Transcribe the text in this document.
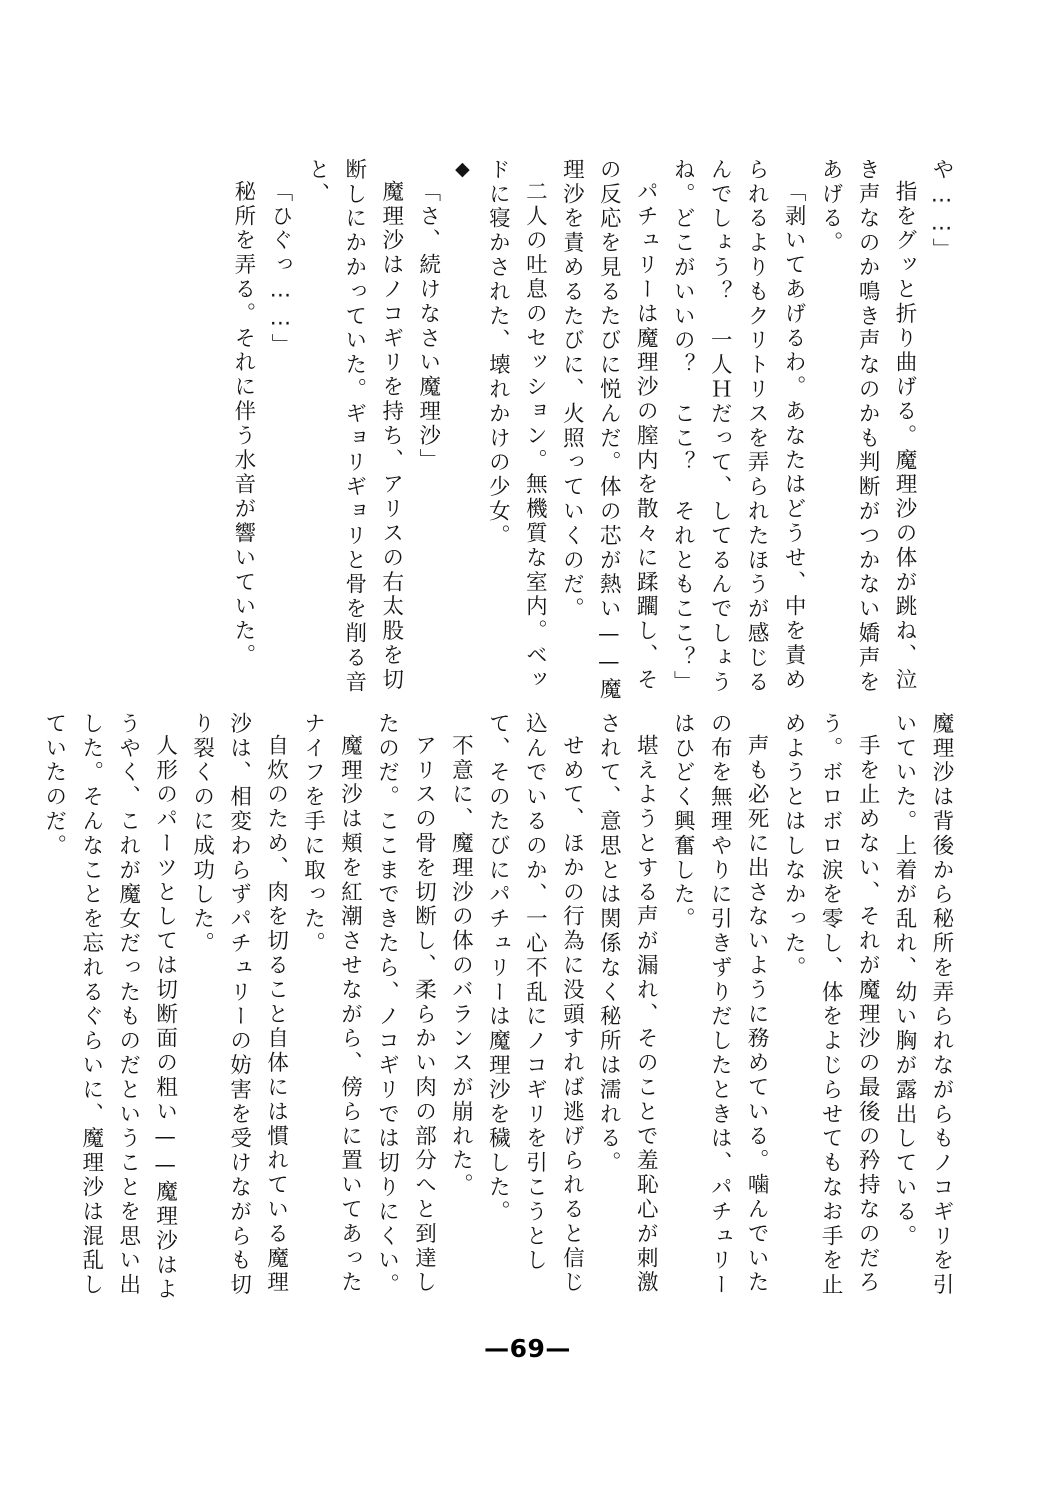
や……」

指をグッと折り曲げる。魔理沙の体が跳ね、泣き声なのか鳴き声なのかも判断がつかない嬌声をあげる。

「剥いてあげるわ。あなたはどうせ、中を責められるよりもクリトリスを弄られたほうが感じるんでしょう？　一人Ｈだって、してるんでしょうね。どこがいいの？　ここ？　それともここ？」

パチュリーは魔理沙の膣内を散々に蹂躙し、その反応を見るたびに悦んだ。体の芯が熱い——魔理沙を責めるたびに、火照っていくのだ。

二人の吐息のセッション。無機質な室内。ベッドに寝かされた、壊れかけの少女。

◆

「さ、続けなさい魔理沙」

魔理沙はノコギリを持ち、アリスの右太股を切断しにかかっていた。ギョリギョリと骨を削る音と、

「ひぐっ……」

秘所を弄る。それに伴う水音が響いていた。

魔理沙は背後から秘所を弄られながらもノコギリを引いていた。上着が乱れ、幼い胸が露出している。

手を止めない、それが魔理沙の最後の矜持なのだろう。ボロボロ涙を零し、体をよじらせてもなお手を止めようとはしなかった。

声も必死に出さないように務めている。噛んでいたの布を無理やりに引きずりだしたときは、パチュリーはひどく興奮した。

堪えようとする声が漏れ、そのことで羞恥心が刺激されて、意思とは関係なく秘所は濡れる。

せめて、ほかの行為に没頭すれば逃げられると信じ込んでいるのか、一心不乱にノコギリを引こうとして、そのたびにパチュリーは魔理沙を穢した。

不意に、魔理沙の体のバランスが崩れた。

アリスの骨を切断し、柔らかい肉の部分へと到達したのだ。ここまできたら、ノコギリでは切りにくい。

魔理沙は頬を紅潮させながら、傍らに置いてあったナイフを手に取った。

自炊のため、肉を切ること自体には慣れている魔理沙は、相変わらずパチュリーの妨害を受けながらも切り裂くのに成功した。

人形のパーツとしては切断面の粗い——魔理沙はようやく、これが魔女だったものだということを思い出した。そんなことを忘れるぐらいに、魔理沙は混乱していたのだ。

—69—
